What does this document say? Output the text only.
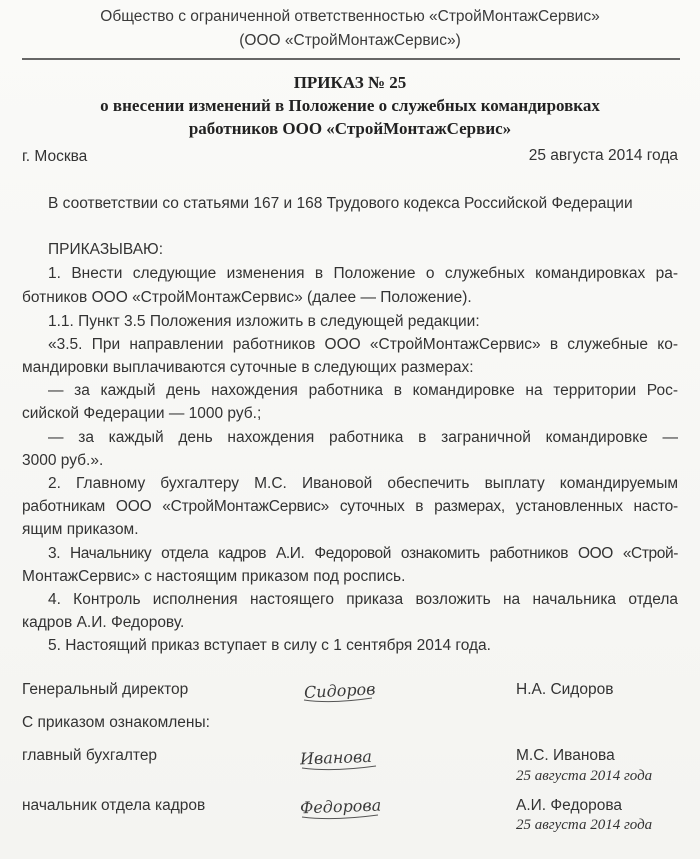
Общество с ограниченной ответственностью «СтройМонтажСервис»
(ООО «СтройМонтажСервис»)
ПРИКАЗ № 25
о внесении изменений в Положение о служебных командировках
работников ООО «СтройМонтажСервис»
г. Москва	25 августа 2014 года
В соответствии со статьями 167 и 168 Трудового кодекса Российской Федерации
ПРИКАЗЫВАЮ:
1. Внести следующие изменения в Положение о служебных командировках ра-
ботников ООО «СтройМонтажСервис» (далее — Положение).
1.1. Пункт 3.5 Положения изложить в следующей редакции:
«3.5. При направлении работников ООО «СтройМонтажСервис» в служебные ко-
мандировки выплачиваются суточные в следующих размерах:
— за каждый день нахождения работника в командировке на территории Рос-
сийской Федерации — 1000 руб.;
— за каждый день нахождения работника в заграничной командировке —
3000 руб.».
2. Главному бухгалтеру М.С. Ивановой обеспечить выплату командируемым
работникам ООО «СтройМонтажСервис» суточных в размерах, установленных насто-
ящим приказом.
3. Начальнику отдела кадров А.И. Федоровой ознакомить работников ООО «Строй-
МонтажСервис» с настоящим приказом под роспись.
4. Контроль исполнения настоящего приказа возложить на начальника отдела
кадров А.И. Федорову.
5. Настоящий приказ вступает в силу с 1 сентября 2014 года.
Генеральный директор	Сидоров	Н.А. Сидоров
С приказом ознакомлены:
главный бухгалтер	Иванова	М.С. Иванова
25 августа 2014 года
начальник отдела кадров	Федорова	А.И. Федорова
25 августа 2014 года
